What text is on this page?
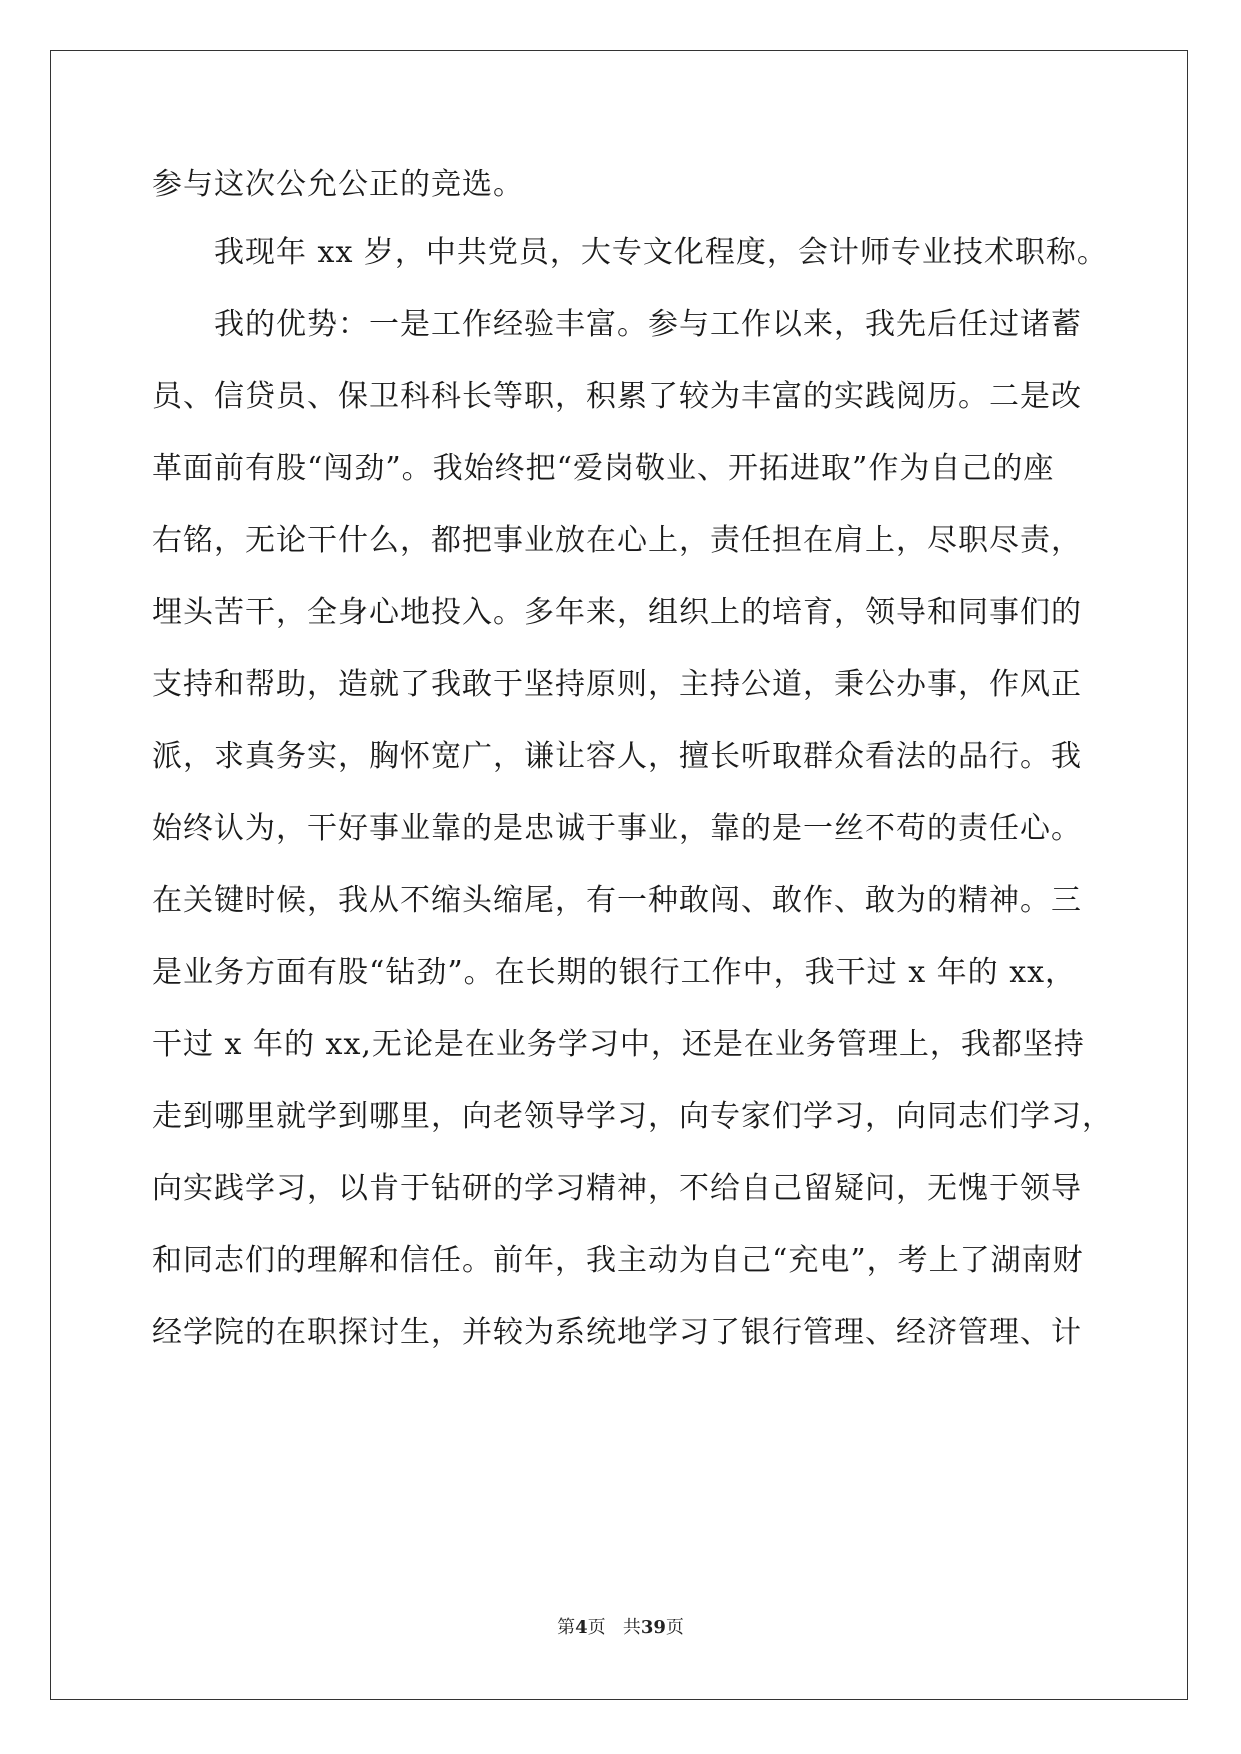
参与这次公允公正的竞选。
我现年 xx 岁，中共党员，大专文化程度，会计师专业技术职称。
我的优势：一是工作经验丰富。参与工作以来，我先后任过诸蓄
员、信贷员、保卫科科长等职，积累了较为丰富的实践阅历。二是改
革面前有股“闯劲”。我始终把“爱岗敬业、开拓进取”作为自己的座
右铭，无论干什么，都把事业放在心上，责任担在肩上，尽职尽责，
埋头苦干，全身心地投入。多年来，组织上的培育，领导和同事们的
支持和帮助，造就了我敢于坚持原则，主持公道，秉公办事，作风正
派，求真务实，胸怀宽广，谦让容人，擅长听取群众看法的品行。我
始终认为，干好事业靠的是忠诚于事业，靠的是一丝不苟的责任心。
在关键时候，我从不缩头缩尾，有一种敢闯、敢作、敢为的精神。三
是业务方面有股“钻劲”。在长期的银行工作中，我干过 x 年的 xx，
干过 x 年的 xx,无论是在业务学习中，还是在业务管理上，我都坚持
走到哪里就学到哪里，向老领导学习，向专家们学习，向同志们学习，
向实践学习，以肯于钻研的学习精神，不给自己留疑问，无愧于领导
和同志们的理解和信任。前年，我主动为自己“充电”，考上了湖南财
经学院的在职探讨生，并较为系统地学习了银行管理、经济管理、计
第4页 共39页
